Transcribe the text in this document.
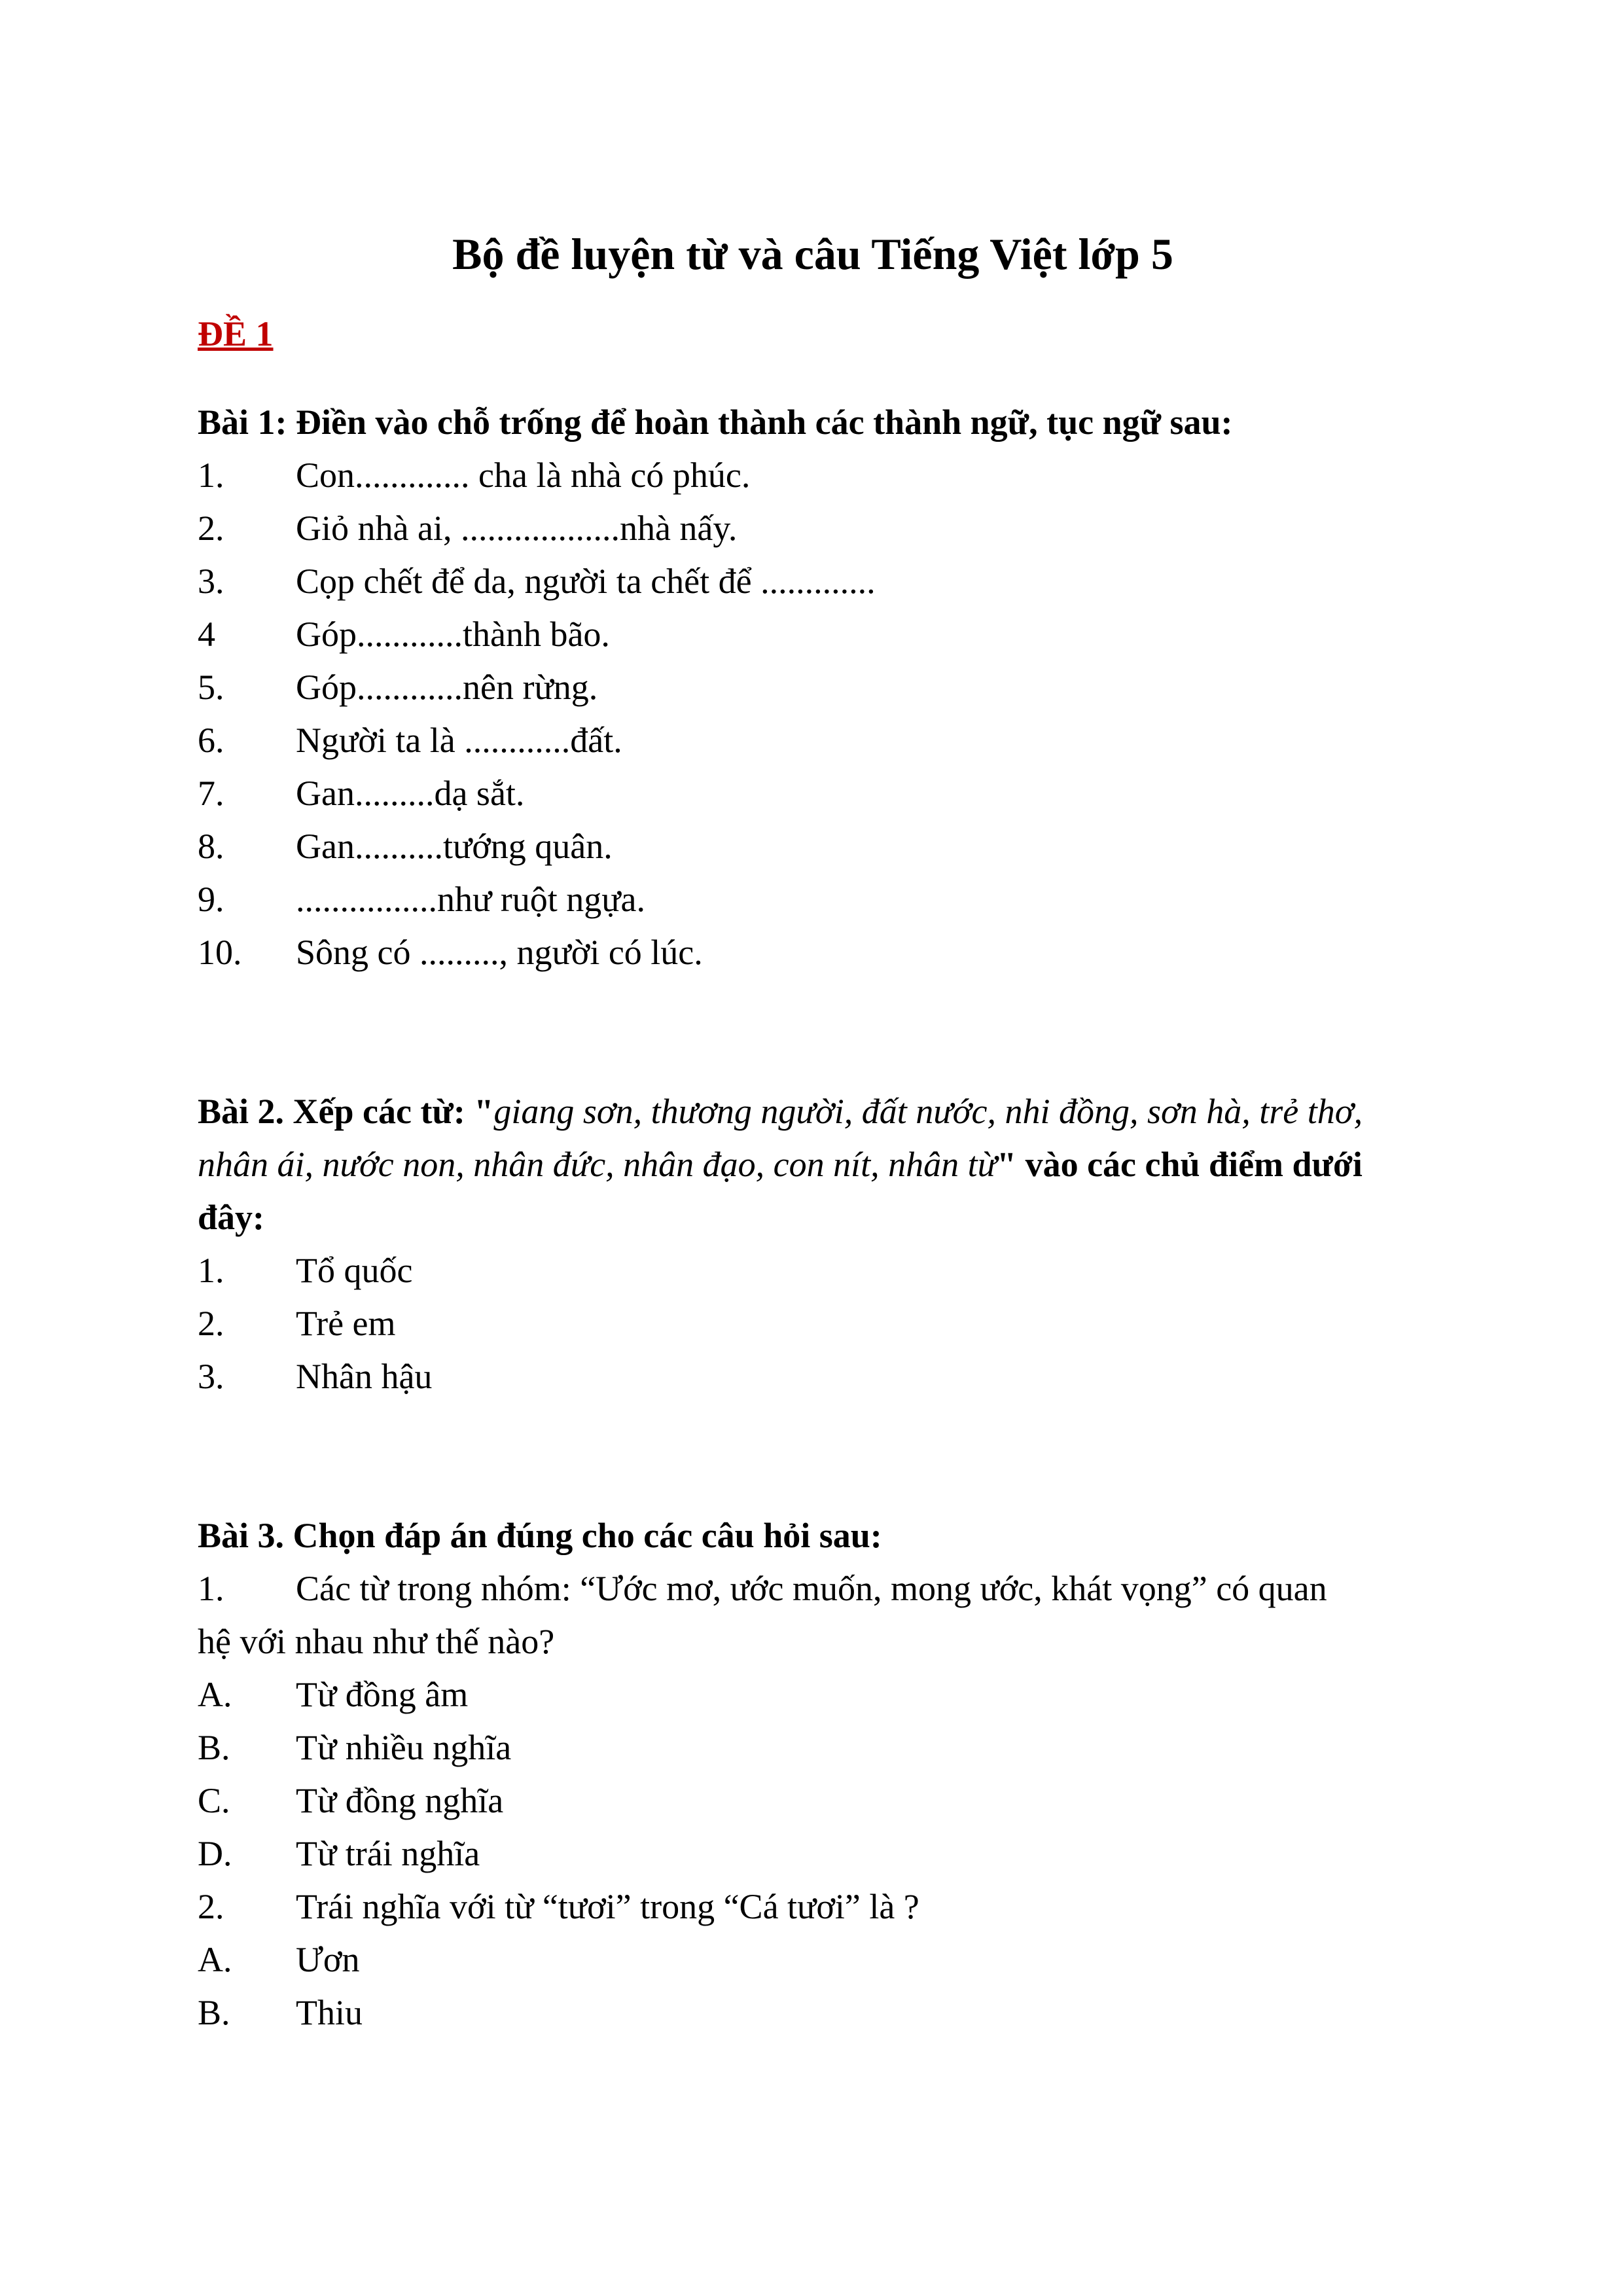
Bộ đề luyện từ và câu Tiếng Việt lớp 5

ĐỀ 1

Bài 1: Điền vào chỗ trống để hoàn thành các thành ngữ, tục ngữ sau:

1.	Con............. cha là nhà có phúc.
2.	Giỏ nhà ai, ..................nhà nấy.
3.	Cọp chết để da, người ta chết để .............
4	Góp............thành bão.
5.	Góp............nên rừng.
6.	Người ta là ............đất.
7.	Gan.........dạ sắt.
8.	Gan..........tướng quân.
9.	................như ruột ngựa.
10.	Sông có ........., người có lúc.

Bài 2. Xếp các từ: "giang sơn, thương người, đất nước, nhi đồng, sơn hà, trẻ thơ, nhân ái, nước non, nhân đức, nhân đạo, con nít, nhân từ" vào các chủ điểm dưới đây:

1.	Tổ quốc
2.	Trẻ em
3.	Nhân hậu

Bài 3. Chọn đáp án đúng cho các câu hỏi sau:

1.	Các từ trong nhóm: “Ước mơ, ước muốn, mong ước, khát vọng” có quan

hệ với nhau như thế nào?

A.	Từ đồng âm
B.	Từ nhiều nghĩa
C.	Từ đồng nghĩa
D.	Từ trái nghĩa
2.	Trái nghĩa với từ “tươi” trong “Cá tươi” là ?
A.	Ươn
B.	Thiu
